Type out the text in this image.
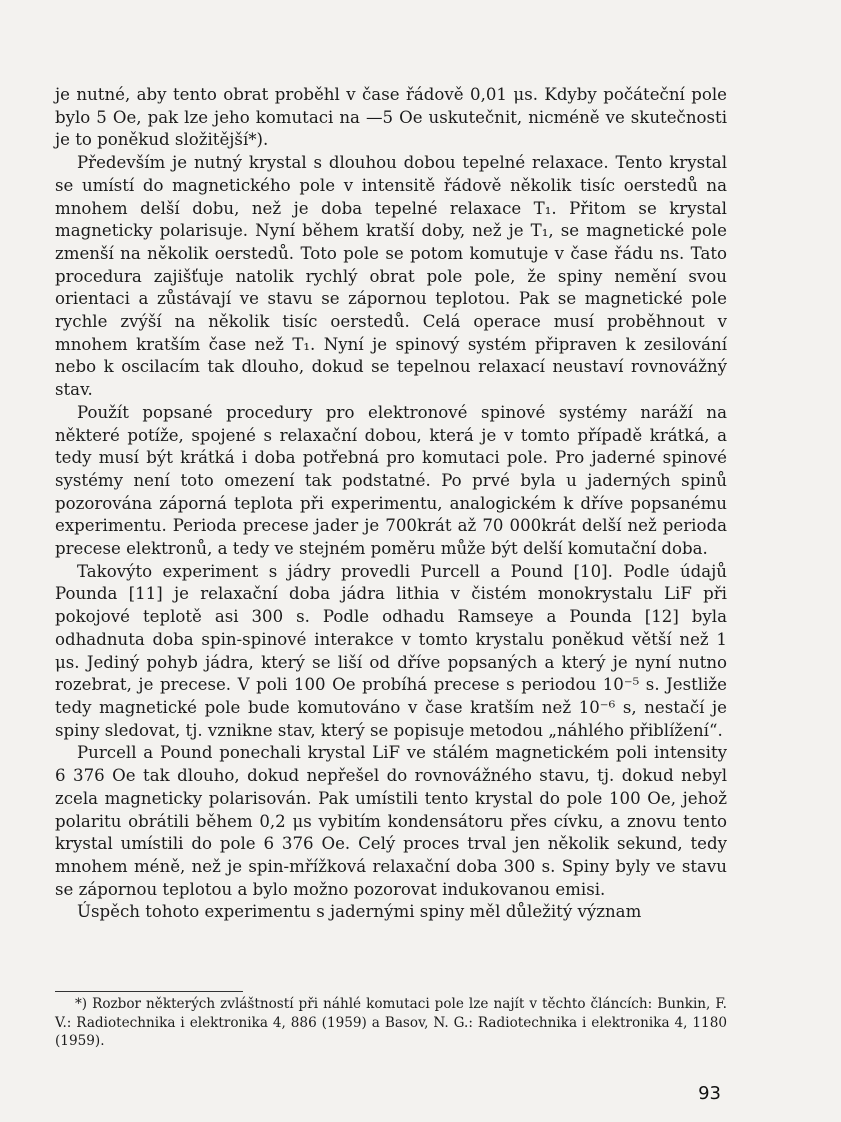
je nutné, aby tento obrat proběhl v čase řádově 0,01 μs. Kdyby počáteční pole bylo 5 Oe, pak lze jeho komutaci na —5 Oe uskutečnit, nicméně ve skutečnosti je to poněkud složitější*).

Především je nutný krystal s dlouhou dobou tepelné relaxace. Tento krystal se umístí do magnetického pole v intensitě řádově několik tisíc oerstedů na mnohem delší dobu, než je doba tepelné relaxace T₁. Přitom se krystal magneticky polarisuje. Nyní během kratší doby, než je T₁, se magnetické pole zmenší na několik oerstedů. Toto pole se potom komutuje v čase řádu ns. Tato procedura zajišťuje natolik rychlý obrat pole pole, že spiny nemění svou orientaci a zůstávají ve stavu se zápornou teplotou. Pak se magnetické pole rychle zvýší na několik tisíc oerstedů. Celá operace musí proběhnout v mnohem kratším čase než T₁. Nyní je spinový systém připraven k zesilování nebo k oscilacím tak dlouho, dokud se tepelnou relaxací neustaví rovnovážný stav.

Použít popsané procedury pro elektronové spinové systémy naráží na některé potíže, spojené s relaxační dobou, která je v tomto případě krátká, a tedy musí být krátká i doba potřebná pro komutaci pole. Pro jaderné spinové systémy není toto omezení tak podstatné. Po prvé byla u jaderných spinů pozorována záporná teplota při experimentu, analogickém k dříve popsanému experimentu. Perioda precese jader je 700krát až 70 000krát delší než perioda precese elektronů, a tedy ve stejném poměru může být delší komutační doba.

Takovýto experiment s jádry provedli Purcell a Pound [10]. Podle údajů Pounda [11] je relaxační doba jádra lithia v čistém monokrystalu LiF při pokojové teplotě asi 300 s. Podle odhadu Ramseye a Pounda [12] byla odhadnuta doba spin-spinové interakce v tomto krystalu poněkud větší než 1 μs. Jediný pohyb jádra, který se liší od dříve popsaných a který je nyní nutno rozebrat, je precese. V poli 100 Oe probíhá precese s periodou 10⁻⁵ s. Jestliže tedy magnetické pole bude komutováno v čase kratším než 10⁻⁶ s, nestačí je spiny sledovat, tj. vznikne stav, který se popisuje metodou „náhlého přiblížení“.

Purcell a Pound ponechali krystal LiF ve stálém magnetickém poli intensity 6 376 Oe tak dlouho, dokud nepřešel do rovnovážného stavu, tj. dokud nebyl zcela magneticky polarisován. Pak umístili tento krystal do pole 100 Oe, jehož polaritu obrátili během 0,2 μs vybitím kondensátoru přes cívku, a znovu tento krystal umístili do pole 6 376 Oe. Celý proces trval jen několik sekund, tedy mnohem méně, než je spin-mřížková relaxační doba 300 s. Spiny byly ve stavu se zápornou teplotou a bylo možno pozorovat indukovanou emisi.

Úspěch tohoto experimentu s jadernými spiny měl důležitý význam

*) Rozbor některých zvláštností při náhlé komutaci pole lze najít v těchto článcích: Bunkin, F. V.: Radiotechnika i elektronika 4, 886 (1959) a Basov, N. G.: Radiotechnika i elektronika 4, 1180 (1959).

93
